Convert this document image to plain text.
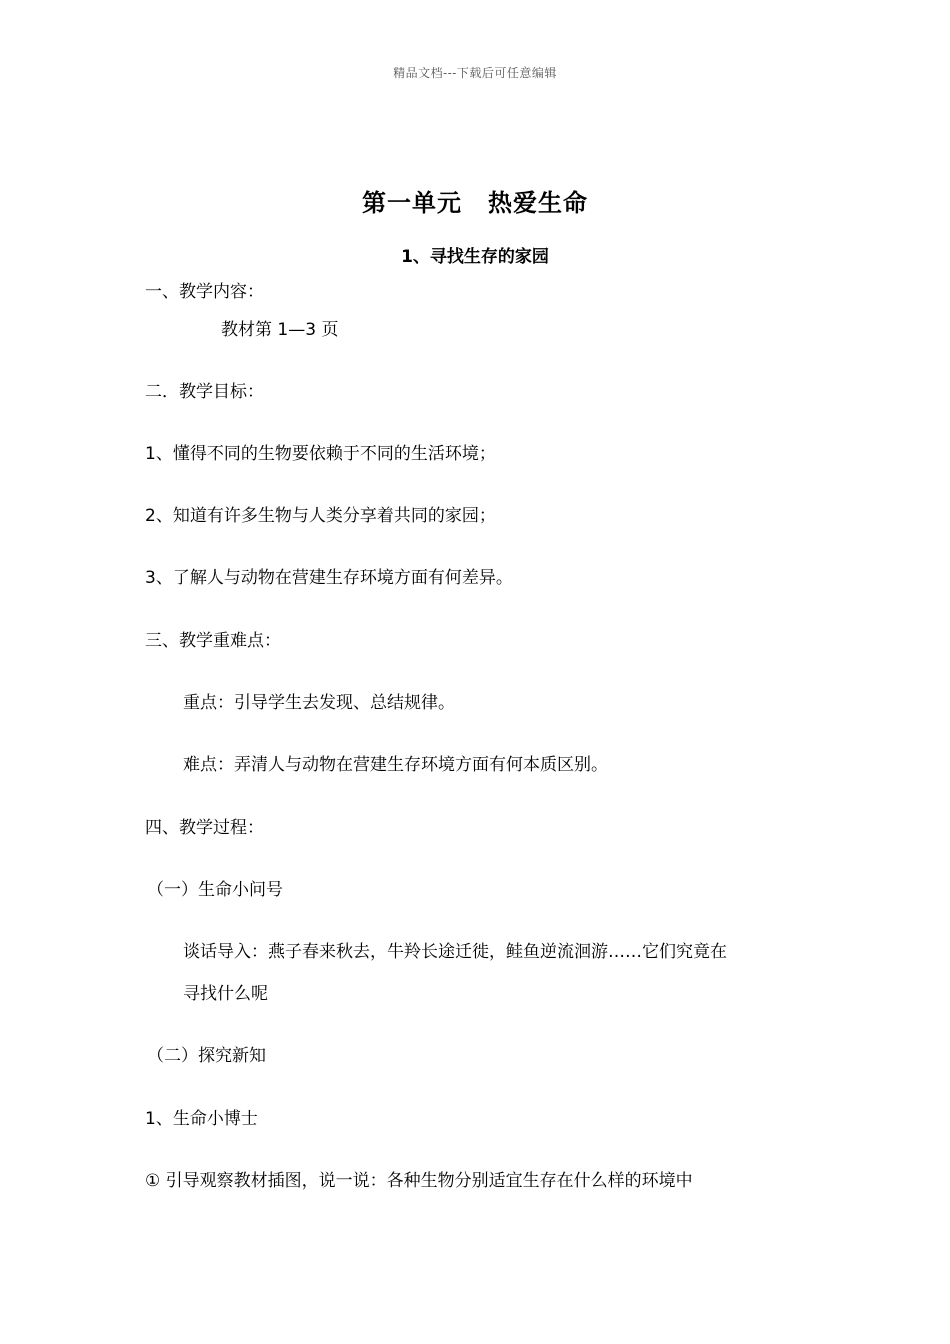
精品文档---下载后可任意编辑
第一单元 热爱生命
1、寻找生存的家园
一、教学内容：
教材第 1—3 页
二．教学目标：
1、懂得不同的生物要依赖于不同的生活环境；
2、知道有许多生物与人类分享着共同的家园；
3、了解人与动物在营建生存环境方面有何差异。
三、教学重难点：
重点：引导学生去发现、总结规律。
难点：弄清人与动物在营建生存环境方面有何本质区别。
四、教学过程：
（一）生命小问号
谈话导入：燕子春来秋去，牛羚长途迁徙，鲑鱼逆流洄游……它们究竟在
寻找什么呢
（二）探究新知
1、生命小博士
① 引导观察教材插图，说一说：各种生物分别适宜生存在什么样的环境中
